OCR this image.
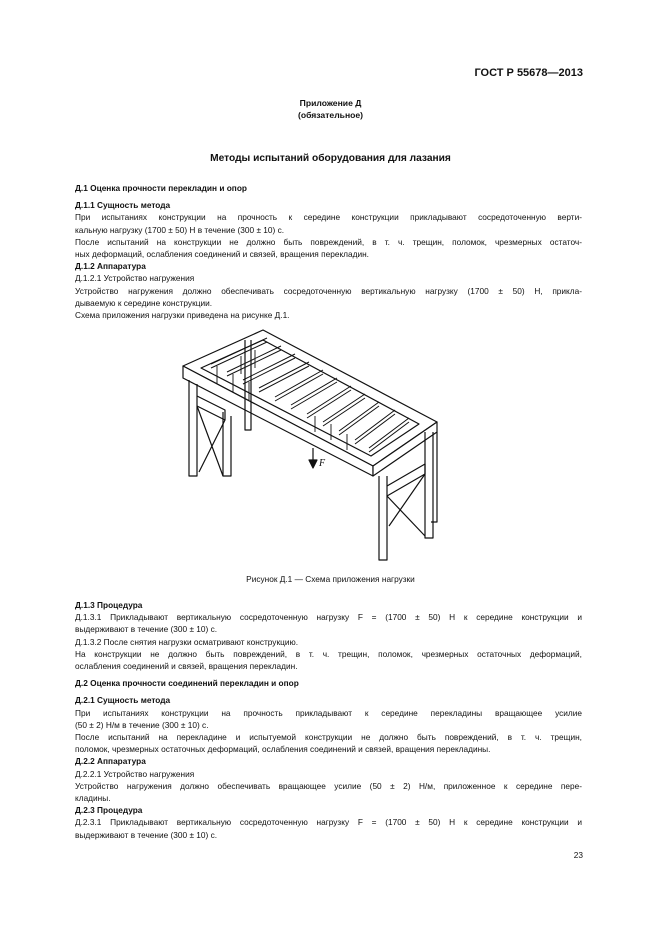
ГОСТ Р 55678—2013
Приложение Д
(обязательное)
Методы испытаний оборудования для лазания

Д.1 Оценка прочности перекладин и опор

Д.1.1 Сущность метода

При испытаниях конструкции на прочность к середине конструкции прикладывают сосредоточенную верти-

кальную нагрузку (1700 ± 50) Н в течение (300 ± 10) с.

После испытаний на конструкции не должно быть повреждений, в т. ч. трещин, поломок, чрезмерных остаточ-

ных деформаций, ослабления соединений и связей, вращения перекладин.

Д.1.2 Аппаратура

Д.1.2.1 Устройство нагружения

Устройство нагружения должно обеспечивать сосредоточенную вертикальную нагрузку (1700 ± 50) Н, прикла-

дываемую к середине конструкции.

Схема приложения нагрузки приведена на рисунке Д.1.

F
Рисунок Д.1 — Схема приложения нагрузки

Д.1.3 Процедура

Д.1.3.1 Прикладывают вертикальную сосредоточенную нагрузку F = (1700 ± 50) Н к середине конструкции и

выдерживают в течение (300 ± 10) с.

Д.1.3.2 После снятия нагрузки осматривают конструкцию.

На конструкции не должно быть повреждений, в т. ч. трещин, поломок, чрезмерных остаточных деформаций,

ослабления соединений и связей, вращения перекладин.

Д.2 Оценка прочности соединений перекладин и опор

Д.2.1 Сущность метода

При испытаниях конструкции на прочность прикладывают к середине перекладины вращающее усилие

(50 ± 2) Н/м в течение (300 ± 10) с.

После испытаний на перекладине и испытуемой конструкции не должно быть повреждений, в т. ч. трещин,

поломок, чрезмерных остаточных деформаций, ослабления соединений и связей, вращения перекладины.

Д.2.2 Аппаратура

Д.2.2.1 Устройство нагружения

Устройство нагружения должно обеспечивать вращающее усилие (50 ± 2) Н/м, приложенное к середине пере-

кладины.

Д.2.3 Процедура

Д.2.3.1 Прикладывают вертикальную сосредоточенную нагрузку F = (1700 ± 50) Н к середине конструкции и

выдерживают в течение (300 ± 10) с.

23
